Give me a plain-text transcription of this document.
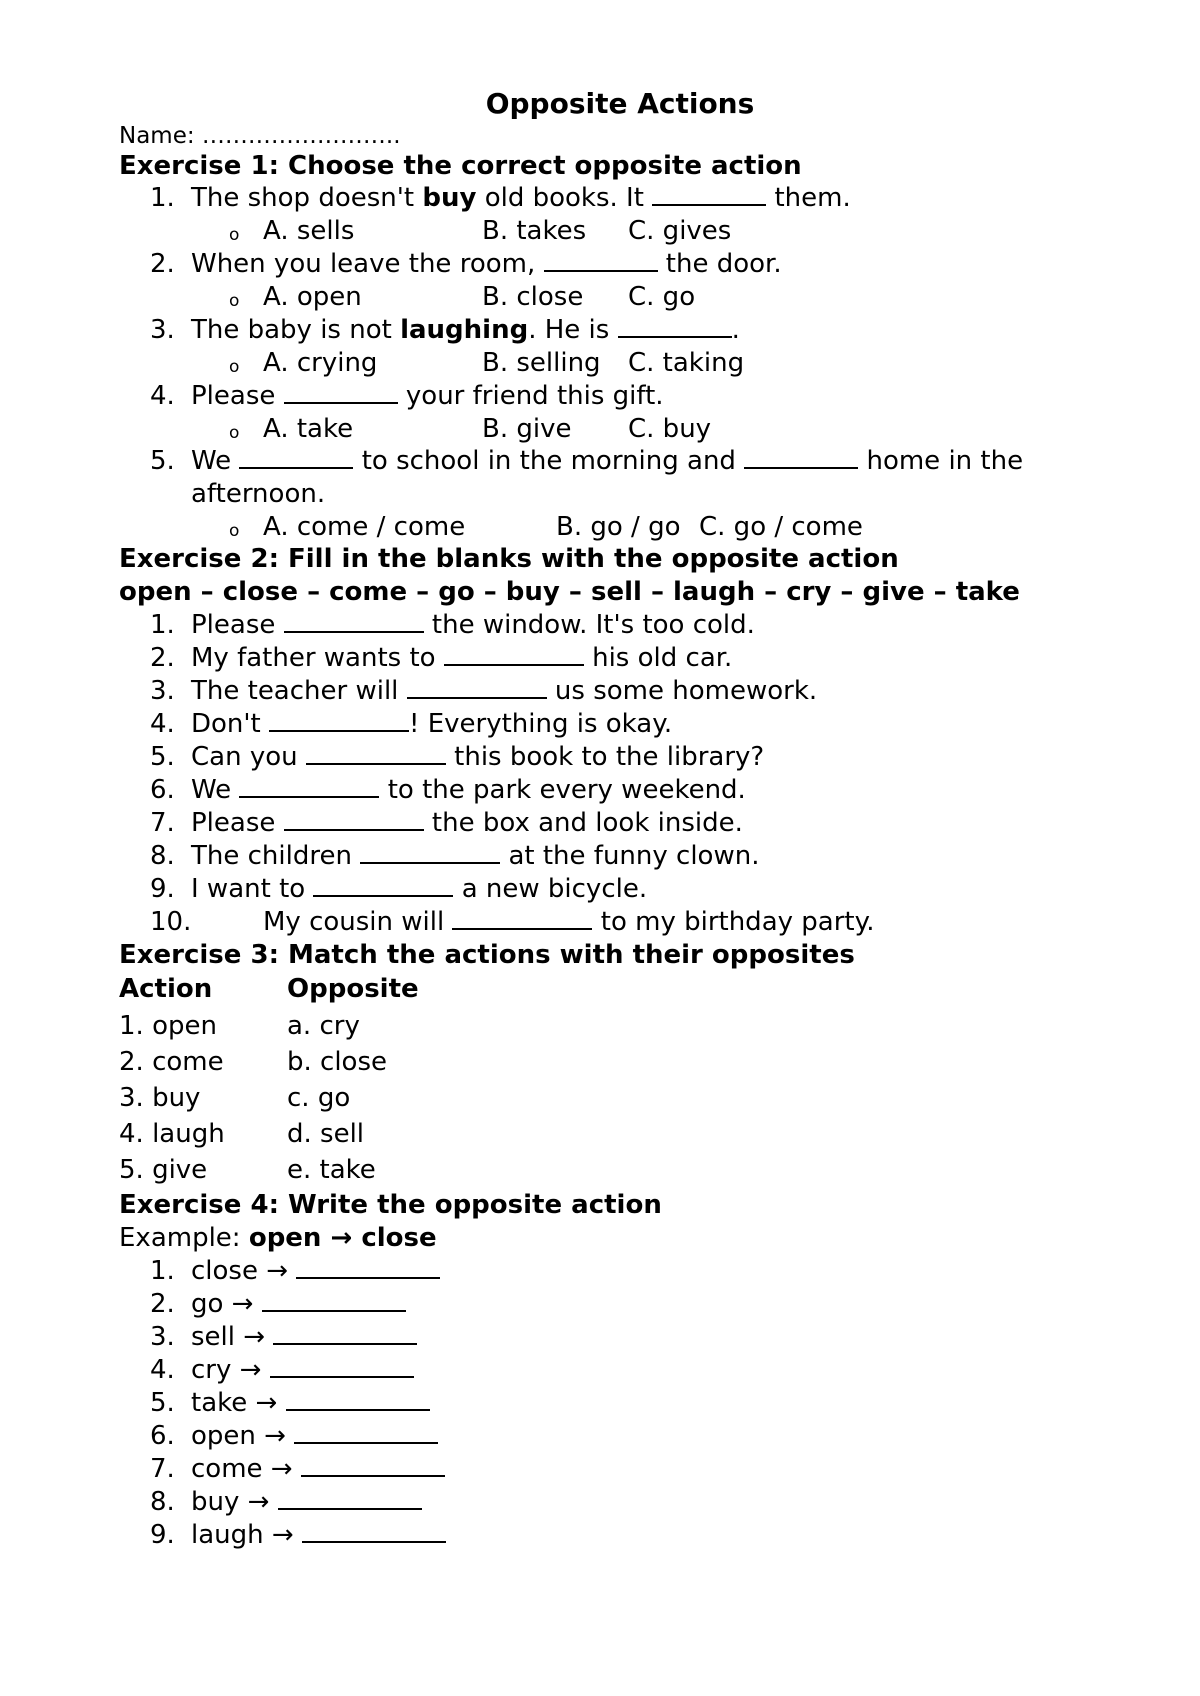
Opposite Actions
Name: ……………………..
Exercise 1: Choose the correct opposite action
1. The shop doesn't buy old books. It	them.
o A. sells	B. takes C. gives
2. When you leave the room,	the door.
o A. open	B. close C. go
3. The baby is not laughing. He is	.
o A. crying	B. selling C. taking
4. Please	your friend this gift.
o A. take	B. give C. buy
5. We	to school in the morning and	home in the
afternoon.
o A. come / come	B. go / go C. go / come
Exercise 2: Fill in the blanks with the opposite action
open – close – come – go – buy – sell – laugh – cry – give – take
1. Please	the window. It's too cold.
2. My father wants to	his old car.
3. The teacher will	us some homework.
4. Don't	! Everything is okay.
5. Can you	this book to the library?
6. We	to the park every weekend.
7. Please	the box and look inside.
8. The children	at the funny clown.
9. I want to	a new bicycle.
10.	My cousin will	to my birthday party.
Exercise 3: Match the actions with their opposites
Action	Opposite
1. open	a. cry
2. come b. close
3. buy	c. go
4. laugh d. sell
5. give	e. take
Exercise 4: Write the opposite action
Example: open → close
1. close →
2. go →
3. sell →
4. cry →
5. take →
6. open →
7. come →
8. buy →
9. laugh →
